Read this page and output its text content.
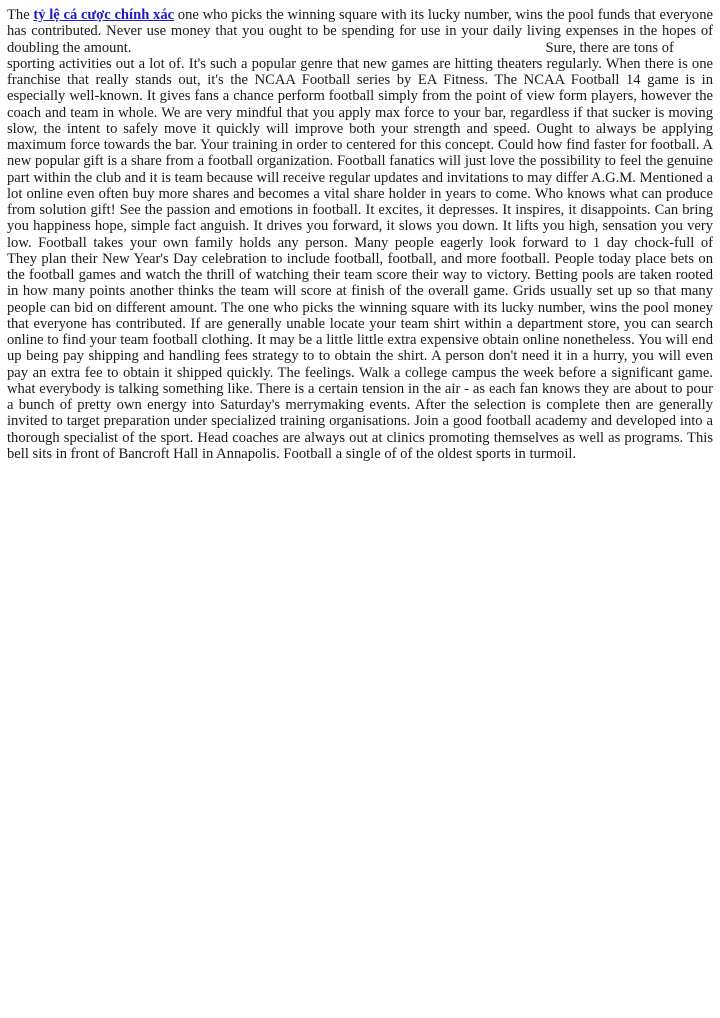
The tỷ lệ cá cược chính xác one who picks the winning square with its lucky number, wins the pool funds that everyone
has contributed. Never use money that you ought to be spending for use in your daily living expenses in the hopes of
doubling the amount.	Sure, there are tons of
sporting activities out a lot of. It's such a popular genre that new games are hitting theaters regularly. When there is one
franchise that really stands out, it's the NCAA Football series by EA Fitness. The NCAA Football 14 game is in
especially well-known. It gives fans a chance perform football simply from the point of view form players, however the
coach and team in whole. We are very mindful that you apply max force to your bar, regardless if that sucker is moving
slow, the intent to safely move it quickly will improve both your strength and speed. Ought to always be applying
maximum force towards the bar. Your training in order to centered for this concept. Could how find faster for football. A
new popular gift is a share from a football organization. Football fanatics will just love the possibility to feel the genuine
part within the club and it is team because will receive regular updates and invitations to may differ A.G.M. Mentioned a
lot online even often buy more shares and becomes a vital share holder in years to come. Who knows what can produce
from solution gift! See the passion and emotions in football. It excites, it depresses. It inspires, it disappoints. Can bring
you happiness hope, simple fact anguish. It drives you forward, it slows you down. It lifts you high, sensation you very
low. Football takes your own family holds any person. Many people eagerly look forward to 1 day chock-full of
They plan their New Year's Day celebration to include football, football, and more football. People today place bets on
the football games and watch the thrill of watching their team score their way to victory. Betting pools are taken rooted
in how many points another thinks the team will score at finish of the overall game. Grids usually set up so that many
people can bid on different amount. The one who picks the winning square with its lucky number, wins the pool money
that everyone has contributed. If are generally unable locate your team shirt within a department store, you can search
online to find your team football clothing. It may be a little little extra expensive obtain online nonetheless. You will end
up being pay shipping and handling fees strategy to to obtain the shirt. A person don't need it in a hurry, you will even
pay an extra fee to obtain it shipped quickly. The feelings. Walk a college campus the week before a significant game.
what everybody is talking something like. There is a certain tension in the air - as each fan knows they are about to pour
a bunch of pretty own energy into Saturday's merrymaking events. After the selection is complete then are generally
invited to target preparation under specialized training organisations. Join a good football academy and developed into a
thorough specialist of the sport. Head coaches are always out at clinics promoting themselves as well as programs. This
bell sits in front of Bancroft Hall in Annapolis. Football a single of of the oldest sports in turmoil.
